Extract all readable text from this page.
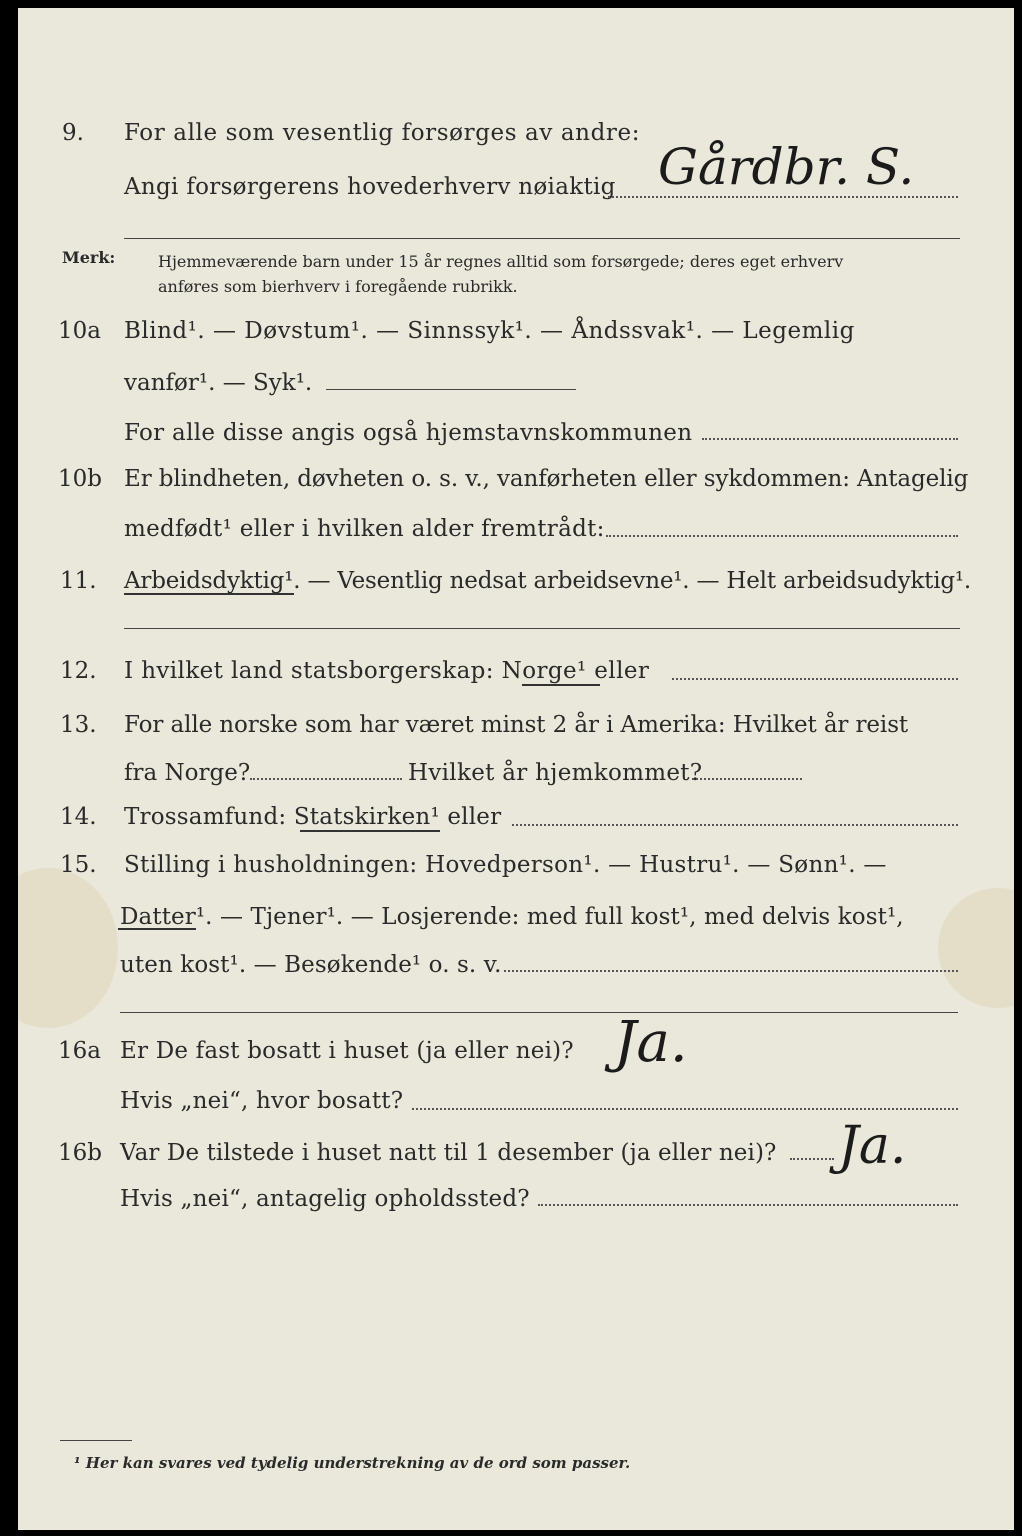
9. For alle som vesentlig forsørges av andre:
Angi forsørgerens hovederhverv nøiaktig Gårdbr. S.
Merk:	Hjemmeværende barn under 15 år regnes alltid som forsørgede; deres eget erhverv
anføres som bierhverv i foregående rubrikk.
10a Blind¹. — Døvstum¹. — Sinnssyk¹. — Åndssvak¹. — Legemlig
vanfør¹. — Syk¹.
For alle disse angis også hjemstavnskommunen
10b Er blindheten, døvheten o. s. v., vanførheten eller sykdommen: Antagelig
medfødt¹ eller i hvilken alder fremtrådt:
11. Arbeidsdyktig¹. — Vesentlig nedsat arbeidsevne¹. — Helt arbeidsudyktig¹.
12. I hvilket land statsborgerskap: Norge¹ eller
13. For alle norske som har været minst 2 år i Amerika: Hvilket år reist
fra Norge?	Hvilket år hjemkommet?
14. Trossamfund: Statskirken¹ eller
15. Stilling i husholdningen: Hovedperson¹. — Hustru¹. — Sønn¹. —
Datter¹. — Tjener¹. — Losjerende: med full kost¹, med delvis kost¹,
uten kost¹. — Besøkende¹ o. s. v.
16a Er De fast bosatt i huset (ja eller nei)? Ja.
Hvis „nei“, hvor bosatt?
16b Var De tilstede i huset natt til 1 desember (ja eller nei)? Ja.
Hvis „nei“, antagelig opholdssted?
¹ Her kan svares ved tydelig understrekning av de ord som passer.
